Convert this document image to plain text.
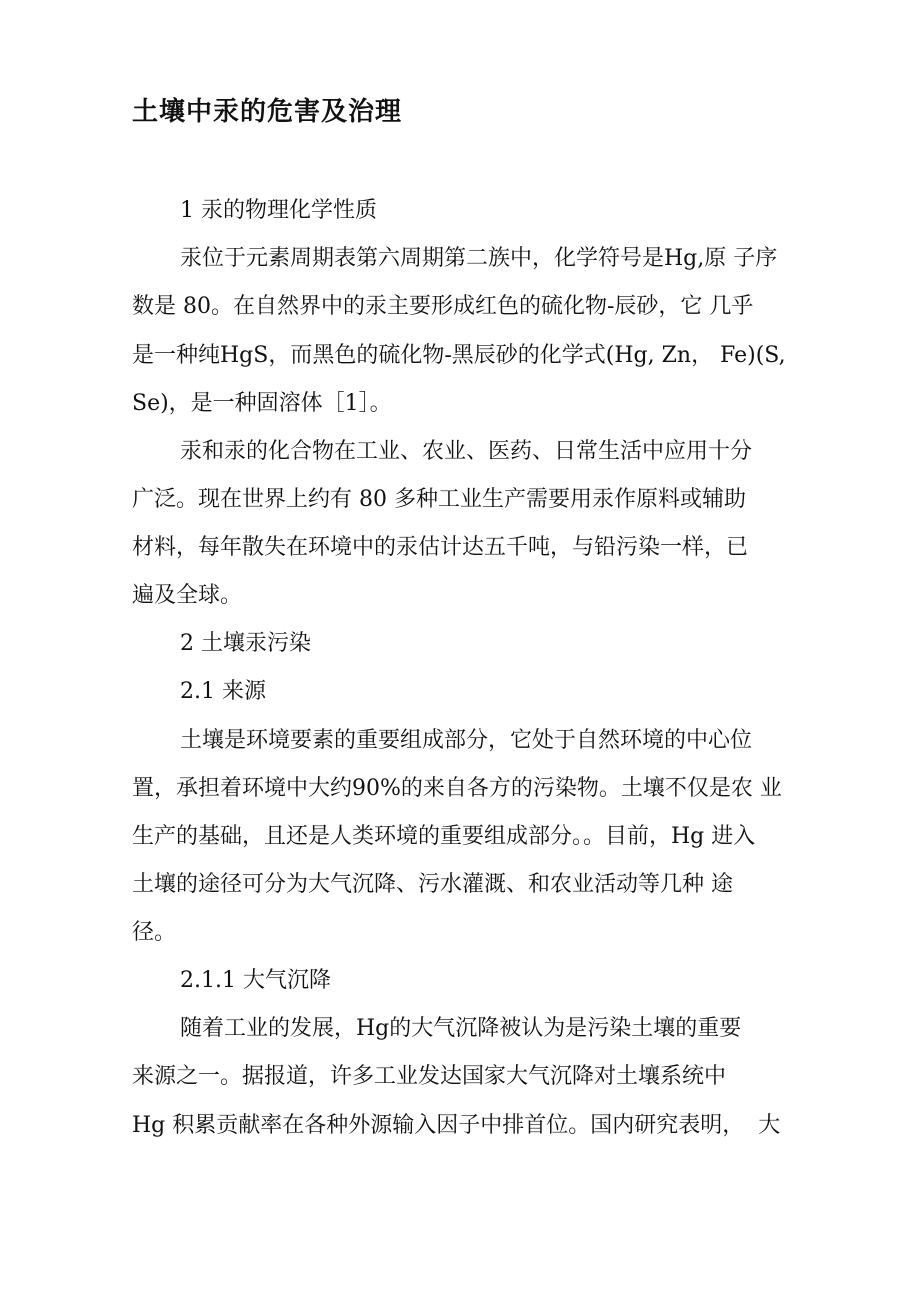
土壤中汞的危害及治理

1 汞的物理化学性质

汞位于元素周期表第六周期第二族中，化学符号是Hg,原 子序

数是 80。在自然界中的汞主要形成红色的硫化物-辰砂，它 几乎

是一种纯HgS，而黑色的硫化物-黑辰砂的化学式(Hg, Zn， Fe)(S,

Se)，是一种固溶体［1］。

汞和汞的化合物在工业、农业、医药、日常生活中应用十分

广泛。现在世界上约有 80 多种工业生产需要用汞作原料或辅助

材料，每年散失在环境中的汞估计达五千吨，与铅污染一样，已

遍及全球。

2 土壤汞污染

2.1 来源

土壤是环境要素的重要组成部分，它处于自然环境的中心位

置，承担着环境中大约90%的来自各方的污染物。土壤不仅是农 业

生产的基础，且还是人类环境的重要组成部分。。目前，Hg 进入

土壤的途径可分为大气沉降、污水灌溉、和农业活动等几种 途

径。

2.1.1 大气沉降

随着工业的发展，Hg的大气沉降被认为是污染土壤的重要

来源之一。据报道，许多工业发达国家大气沉降对土壤系统中

Hg 积累贡献率在各种外源输入因子中排首位。国内研究表明，  大
